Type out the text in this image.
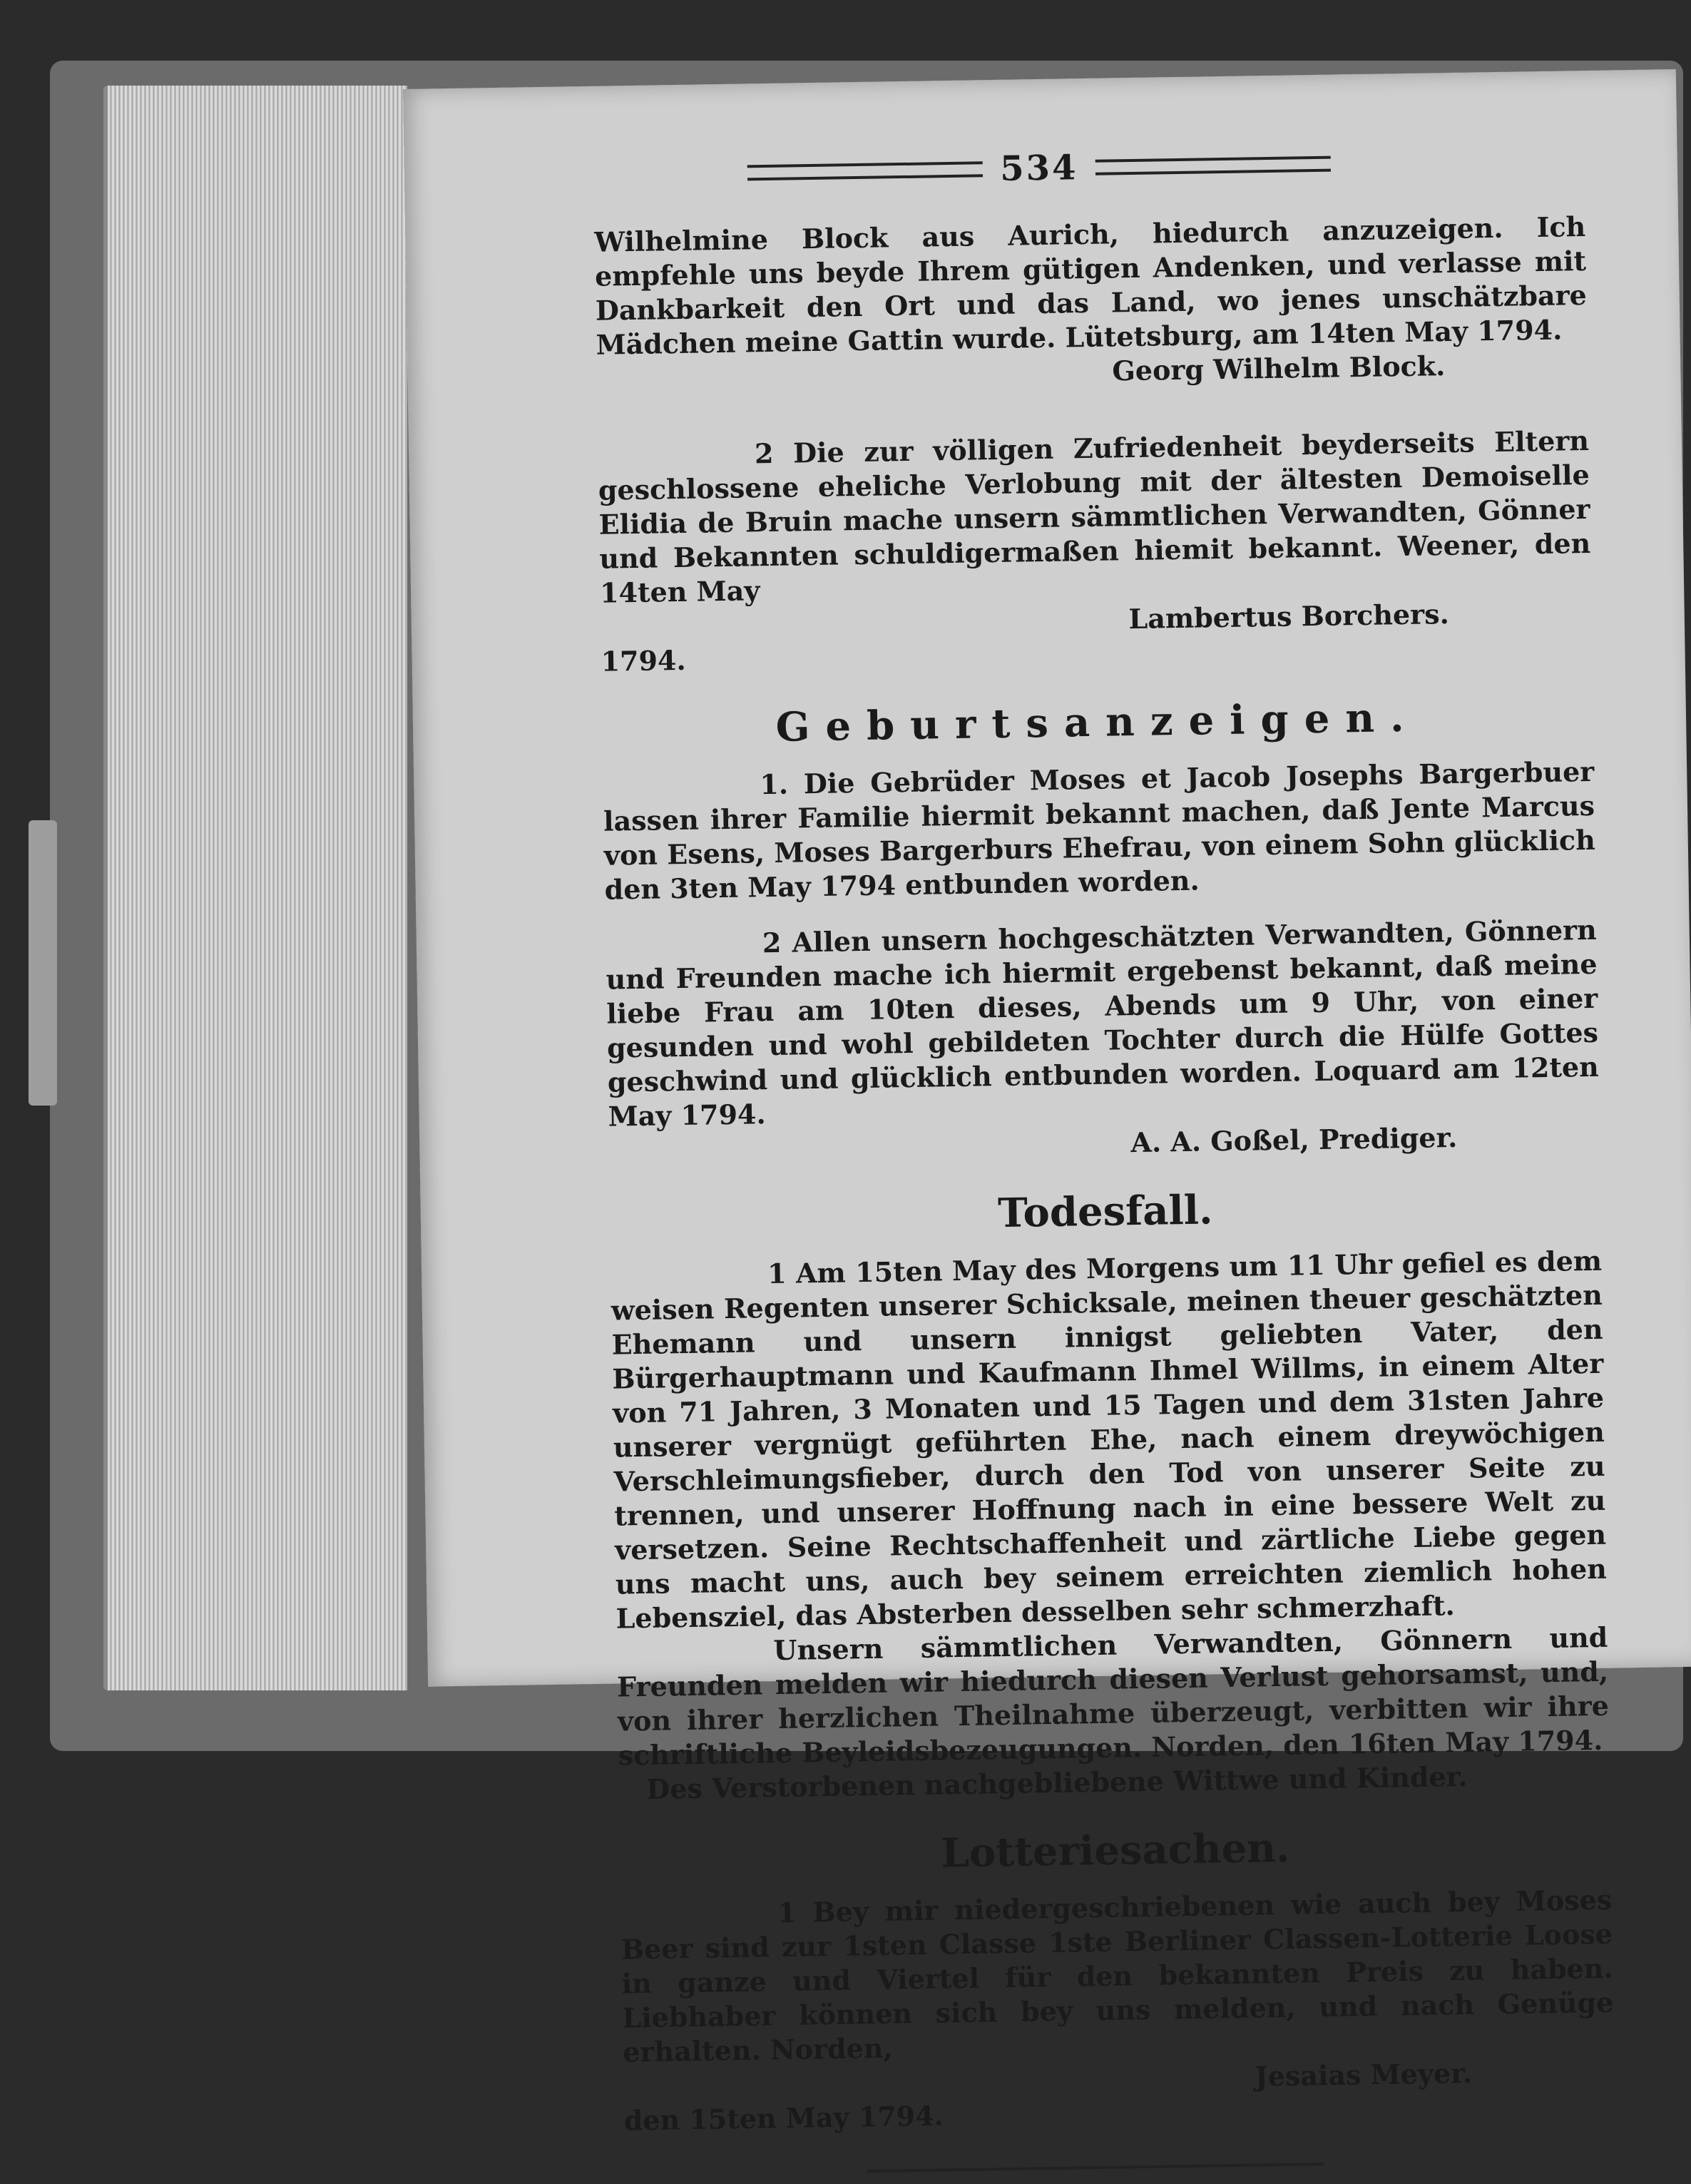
534

Wilhelmine Block aus Aurich, hiedurch anzuzeigen. Ich empfehle uns beyde Ihrem gütigen Andenken, und verlasse mit Dankbarkeit den Ort und das Land, wo jenes unschätzbare Mädchen meine Gattin wurde. Lütetsburg, am 14ten May 1794.

Georg Wilhelm Block.

2 Die zur völligen Zufriedenheit beyderseits Eltern geschlossene eheliche Verlobung mit der ältesten Demoiselle Elidia de Bruin mache unsern sämmtlichen Verwandten, Gönner und Bekannten schuldigermaßen hiemit bekannt. Weener, den 14ten May

Lambertus Borchers.
1794.
Geburtsanzeigen.

1. Die Gebrüder Moses et Jacob Josephs Bargerbuer lassen ihrer Familie hiermit bekannt machen, daß Jente Marcus von Esens, Moses Bargerburs Ehefrau, von einem Sohn glücklich den 3ten May 1794 entbunden worden.

2 Allen unsern hochgeschätzten Verwandten, Gönnern und Freunden mache ich hiermit ergebenst bekannt, daß meine liebe Frau am 10ten dieses, Abends um 9 Uhr, von einer gesunden und wohl gebildeten Tochter durch die Hülfe Gottes geschwind und glücklich entbunden worden. Loquard am 12ten May 1794.

A. A. Goßel, Prediger.
Todesfall.

1 Am 15ten May des Morgens um 11 Uhr gefiel es dem weisen Regenten unserer Schicksale, meinen theuer geschätzten Ehemann und unsern innigst geliebten Vater, den Bürgerhauptmann und Kaufmann Ihmel Willms, in einem Alter von 71 Jahren, 3 Monaten und 15 Tagen und dem 31sten Jahre unserer vergnügt geführten Ehe, nach einem dreywöchigen Verschleimungsfieber, durch den Tod von unserer Seite zu trennen, und unserer Hoffnung nach in eine bessere Welt zu versetzen. Seine Rechtschaffenheit und zärtliche Liebe gegen uns macht uns, auch bey seinem erreichten ziemlich hohen Lebensziel, das Absterben desselben sehr schmerzhaft.

Unsern sämmtlichen Verwandten, Gönnern und Freunden melden wir hiedurch diesen Verlust gehorsamst, und, von ihrer herzlichen Theilnahme überzeugt, verbitten wir ihre schriftliche Beyleidsbezeugungen. Norden, den 16ten May 1794.

Des Verstorbenen nachgebliebene Wittwe und Kinder.
Lotteriesachen.

1 Bey mir niedergeschriebenen wie auch bey Moses Beer sind zur 1sten Classe 1ste Berliner Classen-Lotterie Loose in ganze und Viertel für den bekannten Preis zu haben. Liebhaber können sich bey uns melden, und nach Genüge erhalten. Norden,

Jesaias Meyer.
den 15ten May 1794.
